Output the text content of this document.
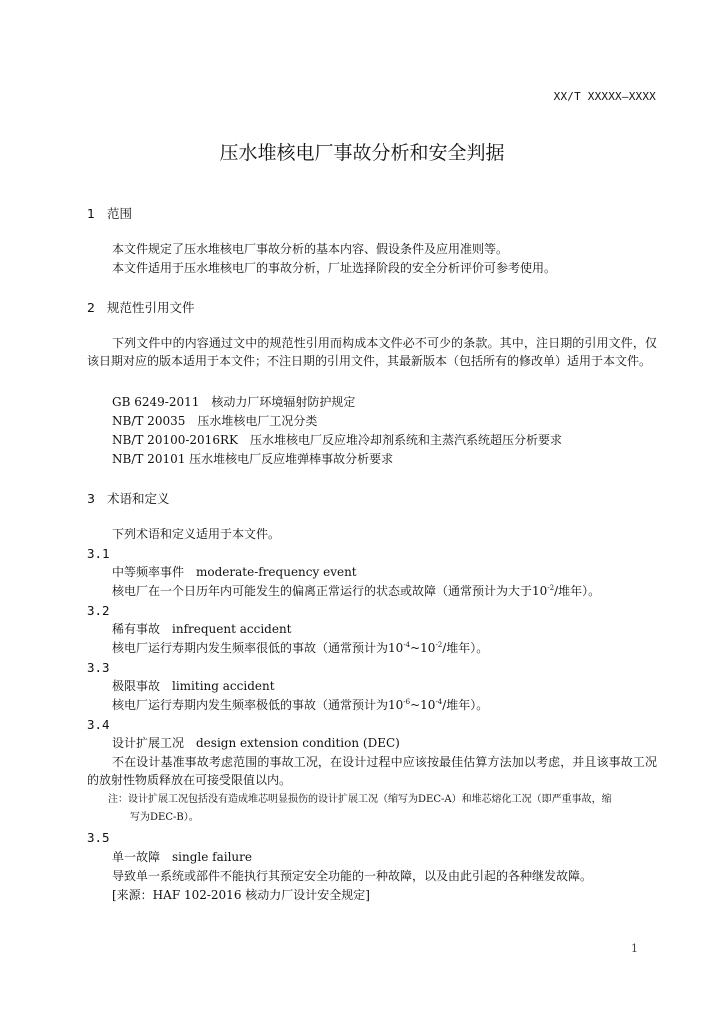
XX/T XXXXX—XXXX
压水堆核电厂事故分析和安全判据
1 范围
本文件规定了压水堆核电厂事故分析的基本内容、假设条件及应用准则等。
本文件适用于压水堆核电厂的事故分析，厂址选择阶段的安全分析评价可参考使用。
2 规范性引用文件
下列文件中的内容通过文中的规范性引用而构成本文件必不可少的条款。其中，注日期的引用文件，仅该日期对应的版本适用于本文件；不注日期的引用文件，其最新版本（包括所有的修改单）适用于本文件。
GB 6249-2011　核动力厂环境辐射防护规定
NB/T 20035　压水堆核电厂工况分类
NB/T 20100-2016RK　压水堆核电厂反应堆冷却剂系统和主蒸汽系统超压分析要求
NB/T 20101 压水堆核电厂反应堆弹棒事故分析要求
3 术语和定义
下列术语和定义适用于本文件。
3.1
中等频率事件　moderate-frequency event
核电厂在一个日历年内可能发生的偏离正常运行的状态或故障（通常预计为大于$10^{-2}/$堆年）。
3.2
稀有事故　infrequent accident
核电厂运行寿期内发生频率很低的事故（通常预计为$10^{-4}\sim 10^{-2}/$堆年）。
3.3
极限事故　limiting accident
核电厂运行寿期内发生频率极低的事故（通常预计为$10^{-6}\sim 10^{-4}/$堆年）。
3.4
设计扩展工况　design extension condition (DEC)
不在设计基准事故考虑范围的事故工况，在设计过程中应该按最佳估算方法加以考虑，并且该事故工况的放射性物质释放在可接受限值以内。
注：设计扩展工况包括没有造成堆芯明显损伤的设计扩展工况（缩写为DEC-A）和堆芯熔化工况（即严重事故，缩
写为DEC-B）。
3.5
单一故障　single failure
导致单一系统或部件不能执行其预定安全功能的一种故障，以及由此引起的各种继发故障。
[来源：HAF 102-2016 核动力厂设计安全规定]
1
